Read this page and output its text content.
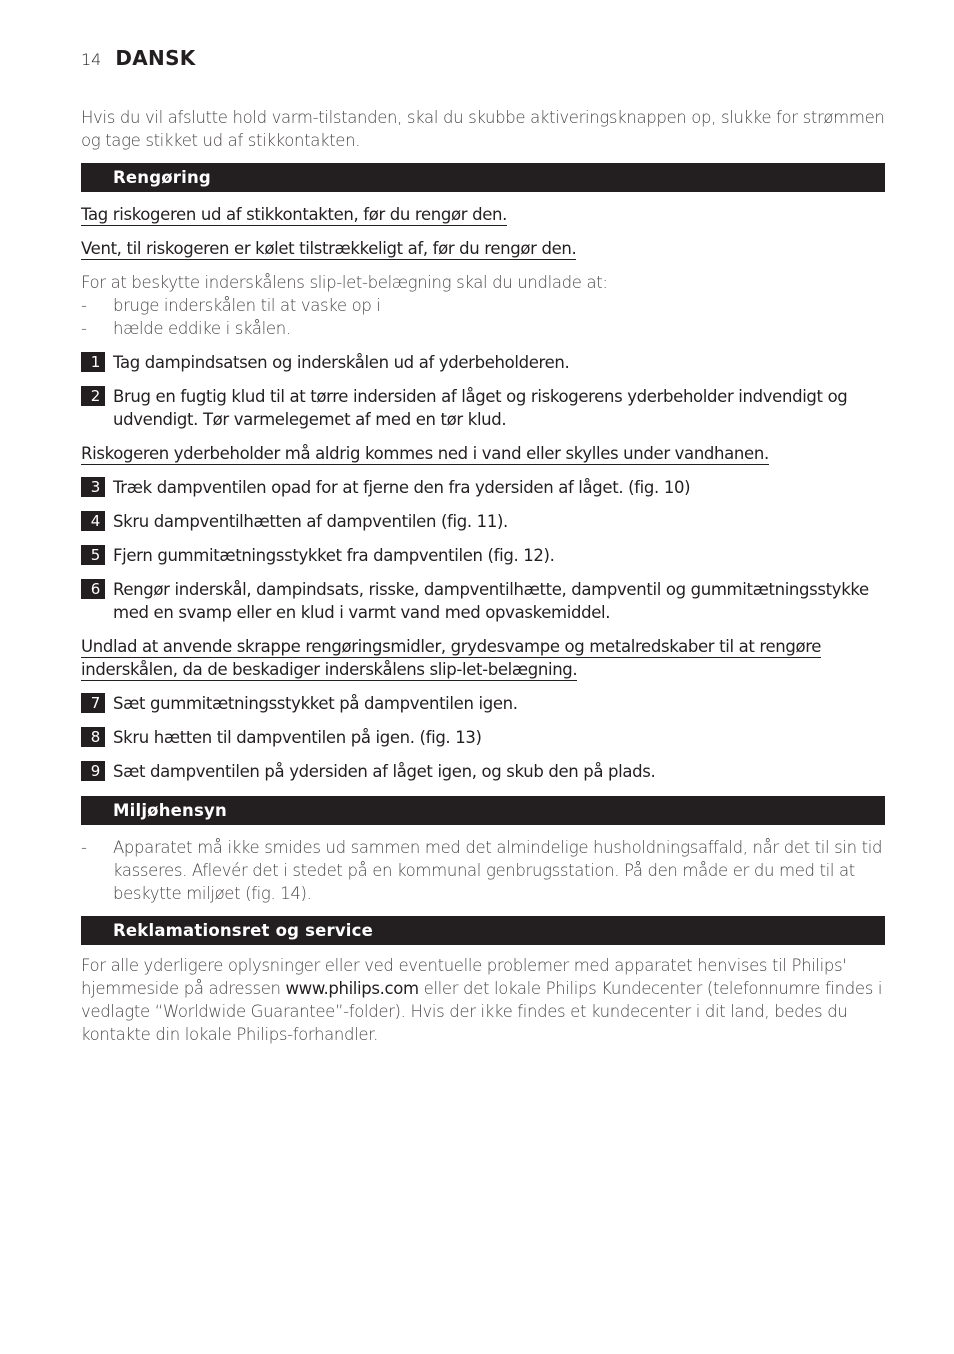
14 DANSK

Hvis du vil afslutte hold varm-tilstanden, skal du skubbe aktiveringsknappen op, slukke for strømmen og tage stikket ud af stikkontakten.

Rengøring

Tag riskogeren ud af stikkontakten, før du rengør den.

Vent, til riskogeren er kølet tilstrækkeligt af, før du rengør den.

For at beskytte inderskålens slip-let-belægning skal du undlade at:

- bruge inderskålen til at vaske op i
- hælde eddike i skålen.
1 Tag dampindsatsen og inderskålen ud af yderbeholderen.
2 Brug en fugtig klud til at tørre indersiden af låget og riskogerens yderbeholder indvendigt og udvendigt. Tør varmelegemet af med en tør klud.

Riskogeren yderbeholder må aldrig kommes ned i vand eller skylles under vandhanen.

3 Træk dampventilen opad for at fjerne den fra ydersiden af låget. (fig. 10)
4 Skru dampventilhætten af dampventilen (fig. 11).
5 Fjern gummitætningsstykket fra dampventilen (fig. 12).
6 Rengør inderskål, dampindsats, risske, dampventilhætte, dampventil og gummitætningsstykke med en svamp eller en klud i varmt vand med opvaskemiddel.

Undlad at anvende skrappe rengøringsmidler, grydesvampe og metalredskaber til at rengøre inderskålen, da de beskadiger inderskålens slip-let-belægning.

7 Sæt gummitætningsstykket på dampventilen igen.
8 Skru hætten til dampventilen på igen. (fig. 13)
9 Sæt dampventilen på ydersiden af låget igen, og skub den på plads.
Miljøhensyn
-	Apparatet må ikke smides ud sammen med det almindelige husholdningsaffald, når det til sin tid kasseres. Aflevér det i stedet på en kommunal genbrugsstation. På den måde er du med til at beskytte miljøet (fig. 14).
Reklamationsret og service

For alle yderligere oplysninger eller ved eventuelle problemer med apparatet henvises til Philips' hjemmeside på adressen www.philips.com eller det lokale Philips Kundecenter (telefonnumre findes i vedlagte “Worldwide Guarantee”-folder). Hvis der ikke findes et kundecenter i dit land, bedes du kontakte din lokale Philips-forhandler.
